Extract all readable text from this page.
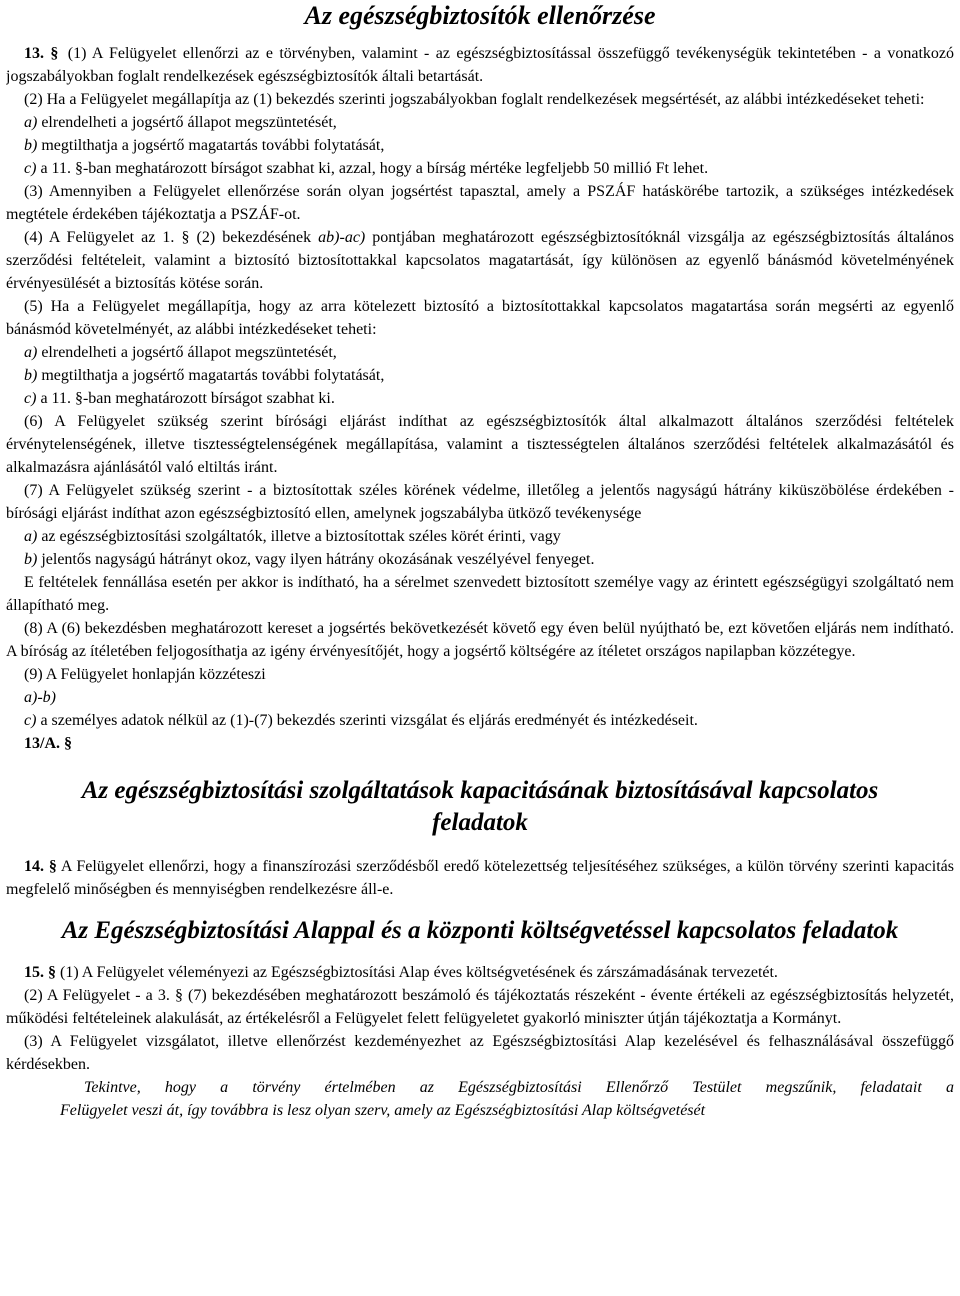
Az egészségbiztosítók ellenőrzése

13. § (1) A Felügyelet ellenőrzi az e törvényben, valamint - az egészségbiztosítással összefüggő tevékenységük tekintetében - a vonatkozó jogszabályokban foglalt rendelkezések egészségbiztosítók általi betartását.

(2) Ha a Felügyelet megállapítja az (1) bekezdés szerinti jogszabályokban foglalt rendelkezések megsértését, az alábbi intézkedéseket teheti:

a) elrendelheti a jogsértő állapot megszüntetését,

b) megtilthatja a jogsértő magatartás további folytatását,

c) a 11. §-ban meghatározott bírságot szabhat ki, azzal, hogy a bírság mértéke legfeljebb 50 millió Ft lehet.

(3) Amennyiben a Felügyelet ellenőrzése során olyan jogsértést tapasztal, amely a PSZÁF hatáskörébe tartozik, a szükséges intézkedések megtétele érdekében tájékoztatja a PSZÁF-ot.

(4) A Felügyelet az 1. § (2) bekezdésének ab)-ac) pontjában meghatározott egészségbiztosítóknál vizsgálja az egészségbiztosítás általános szerződési feltételeit, valamint a biztosító biztosítottakkal kapcsolatos magatartását, így különösen az egyenlő bánásmód követelményének érvényesülését a biztosítás kötése során.

(5) Ha a Felügyelet megállapítja, hogy az arra kötelezett biztosító a biztosítottakkal kapcsolatos magatartása során megsérti az egyenlő bánásmód követelményét, az alábbi intézkedéseket teheti:

a) elrendelheti a jogsértő állapot megszüntetését,

b) megtilthatja a jogsértő magatartás további folytatását,

c) a 11. §-ban meghatározott bírságot szabhat ki.

(6) A Felügyelet szükség szerint bírósági eljárást indíthat az egészségbiztosítók által alkalmazott általános szerződési feltételek érvénytelenségének, illetve tisztességtelenségének megállapítása, valamint a tisztességtelen általános szerződési feltételek alkalmazásától és alkalmazásra ajánlásától való eltiltás iránt.

(7) A Felügyelet szükség szerint - a biztosítottak széles körének védelme, illetőleg a jelentős nagyságú hátrány kiküszöbölése érdekében - bírósági eljárást indíthat azon egészségbiztosító ellen, amelynek jogszabályba ütköző tevékenysége

a) az egészségbiztosítási szolgáltatók, illetve a biztosítottak széles körét érinti, vagy

b) jelentős nagyságú hátrányt okoz, vagy ilyen hátrány okozásának veszélyével fenyeget.

E feltételek fennállása esetén per akkor is indítható, ha a sérelmet szenvedett biztosított személye vagy az érintett egészségügyi szolgáltató nem állapítható meg.

(8) A (6) bekezdésben meghatározott kereset a jogsértés bekövetkezését követő egy éven belül nyújtható be, ezt követően eljárás nem indítható. A bíróság az ítéletében feljogosíthatja az igény érvényesítőjét, hogy a jogsértő költségére az ítéletet országos napilapban közzétegye.

(9) A Felügyelet honlapján közzéteszi

a)-b)

c) a személyes adatok nélkül az (1)-(7) bekezdés szerinti vizsgálat és eljárás eredményét és intézkedéseit.

13/A. §

Az egészségbiztosítási szolgáltatások kapacitásának biztosításával kapcsolatos
feladatok

14. § A Felügyelet ellenőrzi, hogy a finanszírozási szerződésből eredő kötelezettség teljesítéséhez szükséges, a külön törvény szerinti kapacitás megfelelő minőségben és mennyiségben rendelkezésre áll-e.

Az Egészségbiztosítási Alappal és a központi költségvetéssel kapcsolatos feladatok

15. § (1) A Felügyelet véleményezi az Egészségbiztosítási Alap éves költségvetésének és zárszámadásának tervezetét.

(2) A Felügyelet - a 3. § (7) bekezdésében meghatározott beszámoló és tájékoztatás részeként - évente értékeli az egészségbiztosítás helyzetét, működési feltételeinek alakulását, az értékelésről a Felügyelet felett felügyeletet gyakorló miniszter útján tájékoztatja a Kormányt.

(3) A Felügyelet vizsgálatot, illetve ellenőrzést kezdeményezhet az Egészségbiztosítási Alap kezelésével és felhasználásával összefüggő kérdésekben.

Tekintve, hogy a törvény értelmében az Egészségbiztosítási Ellenőrző Testület megszűnik, feladatait a

Felügyelet veszi át, így továbbra is lesz olyan szerv, amely az Egészségbiztosítási Alap költségvetését
